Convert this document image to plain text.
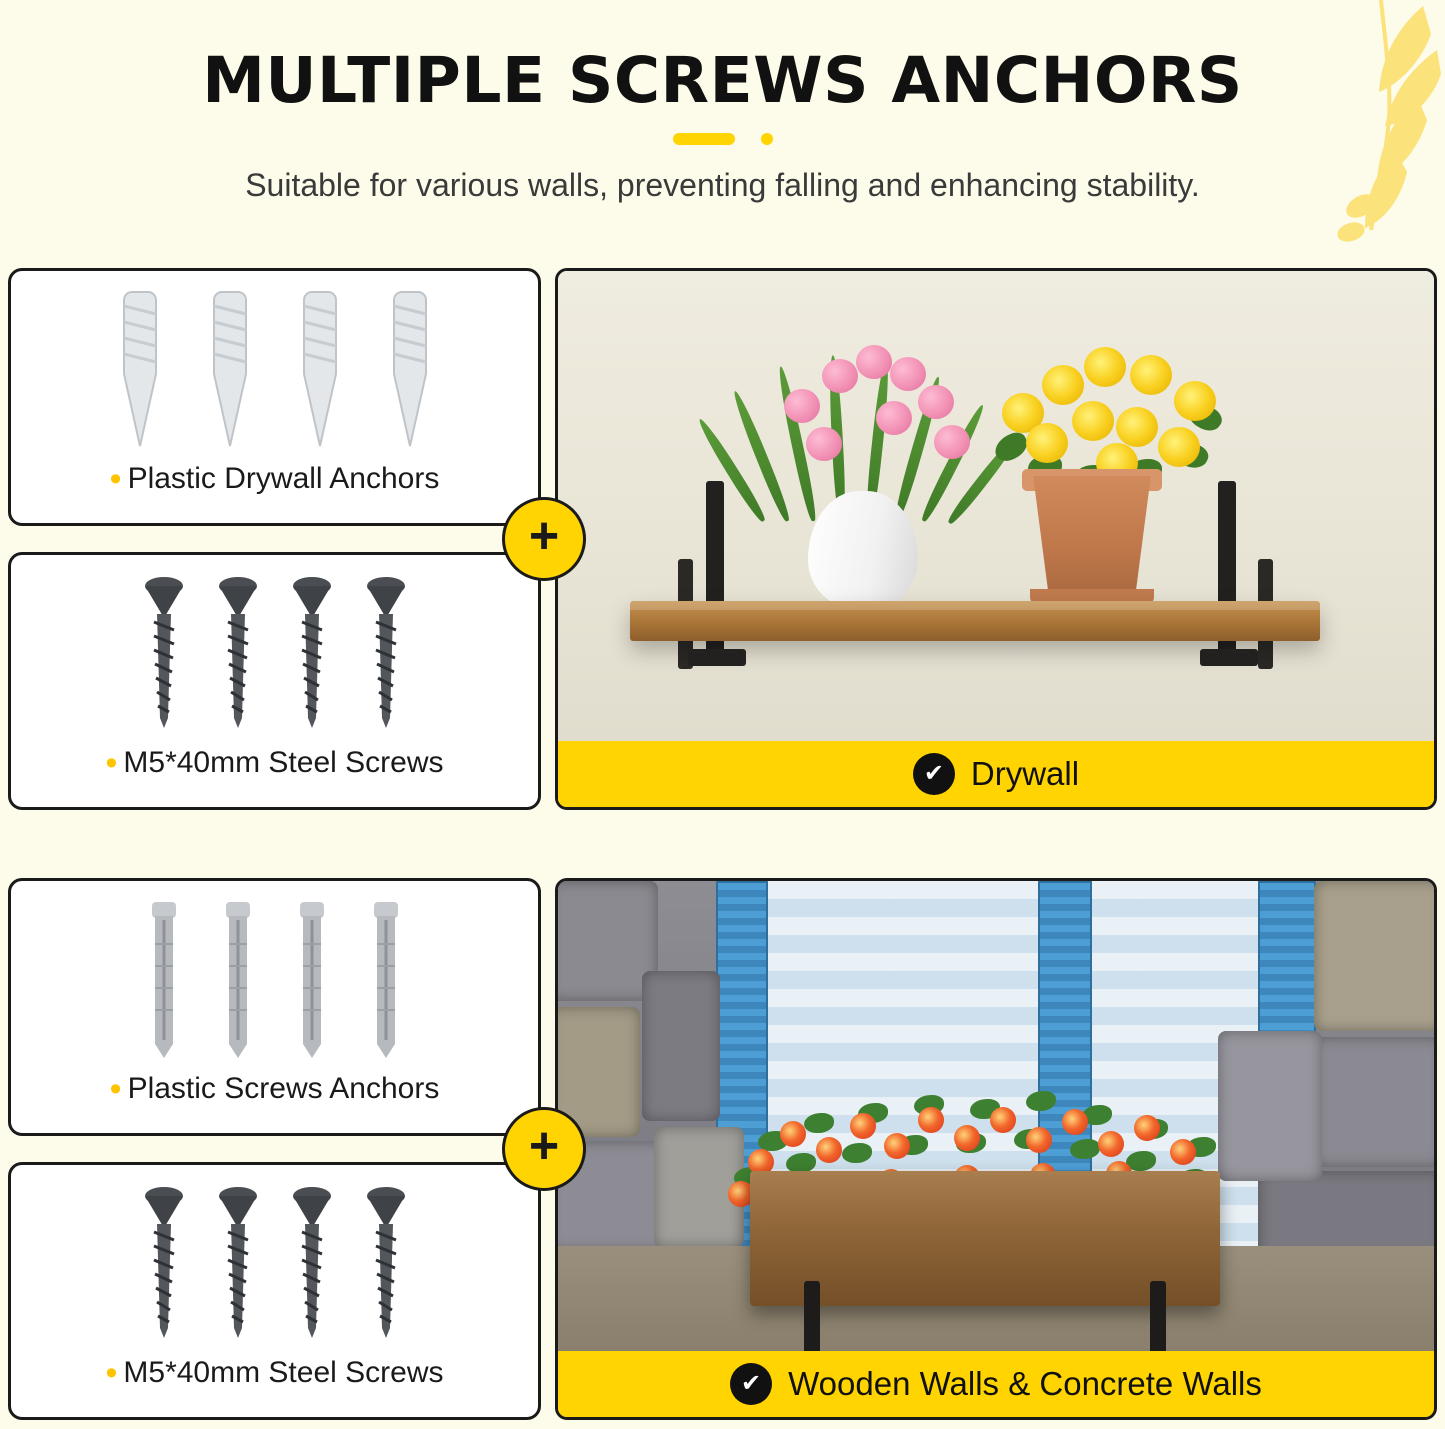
MULTIPLE SCREWS ANCHORS

Suitable for various walls, preventing falling and enhancing stability.

• Plastic Drywall Anchors
• M5*40mm Steel Screws
+
✔ Drywall
• Plastic Screws Anchors
• M5*40mm Steel Screws
+
✔ Wooden Walls & Concrete Walls
